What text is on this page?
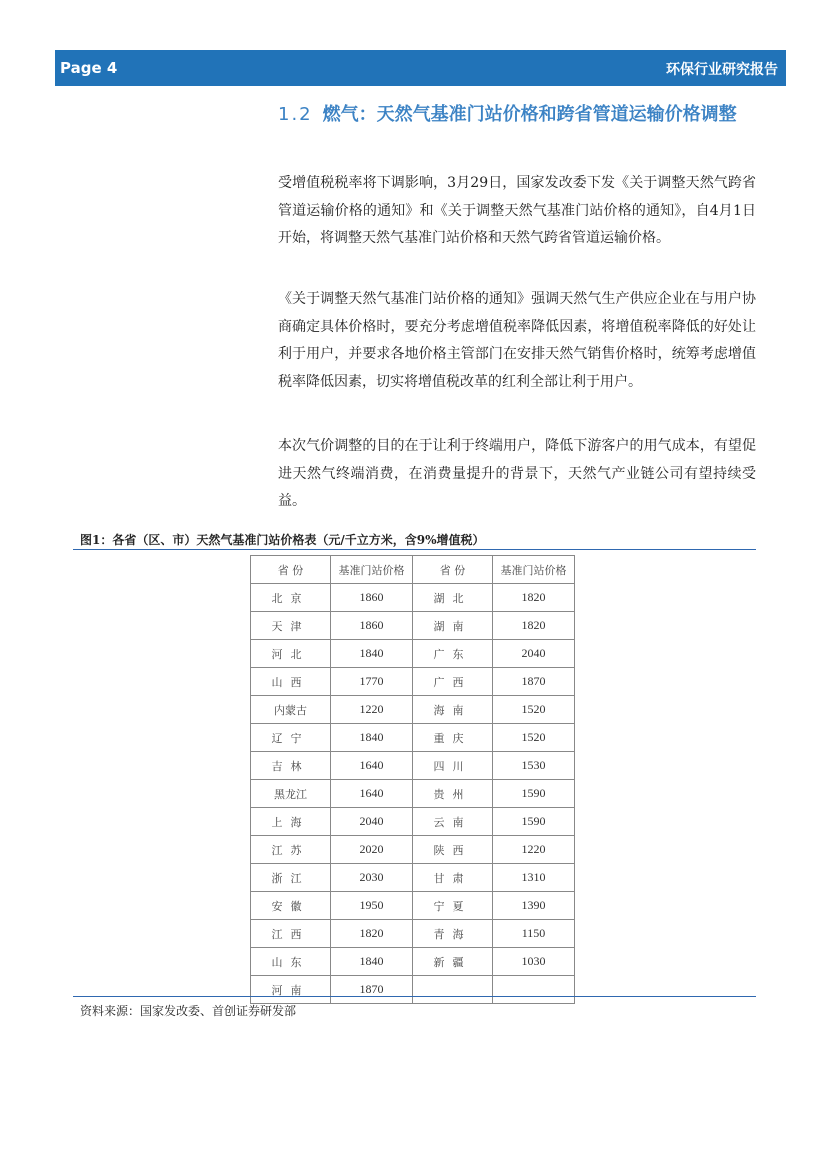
Page 4	环保行业研究报告
1.2 燃气：天然气基准门站价格和跨省管道运输价格调整

受增值税税率将下调影响，3月29日，国家发改委下发《关于调整天然气跨省管道运输价格的通知》和《关于调整天然气基准门站价格的通知》，自4月1日开始，将调整天然气基准门站价格和天然气跨省管道运输价格。

《关于调整天然气基准门站价格的通知》强调天然气生产供应企业在与用户协商确定具体价格时，要充分考虑增值税率降低因素，将增值税率降低的好处让利于用户，并要求各地价格主管部门在安排天然气销售价格时，统筹考虑增值税率降低因素，切实将增值税改革的红利全部让利于用户。

本次气价调整的目的在于让利于终端用户，降低下游客户的用气成本，有望促进天然气终端消费，在消费量提升的背景下，天然气产业链公司有望持续受益。

图1：各省（区、市）天然气基准门站价格表（元/千立方米，含9%增值税）
省 份	基准门站价格	省 份	基准门站价格
北京	1860	湖北	1820
天津	1860	湖南	1820
河北	1840	广东	2040
山西	1770	广西	1870
内蒙古	1220	海南	1520
辽宁	1840	重庆	1520
吉林	1640	四川	1530
黑龙江	1640	贵州	1590
上海	2040	云南	1590
江苏	2020	陕西	1220
浙江	2030	甘肃	1310
安徽	1950	宁夏	1390
江西	1820	青海	1150
山东	1840	新疆	1030
河南	1870		
资料来源：国家发改委、首创证券研发部
